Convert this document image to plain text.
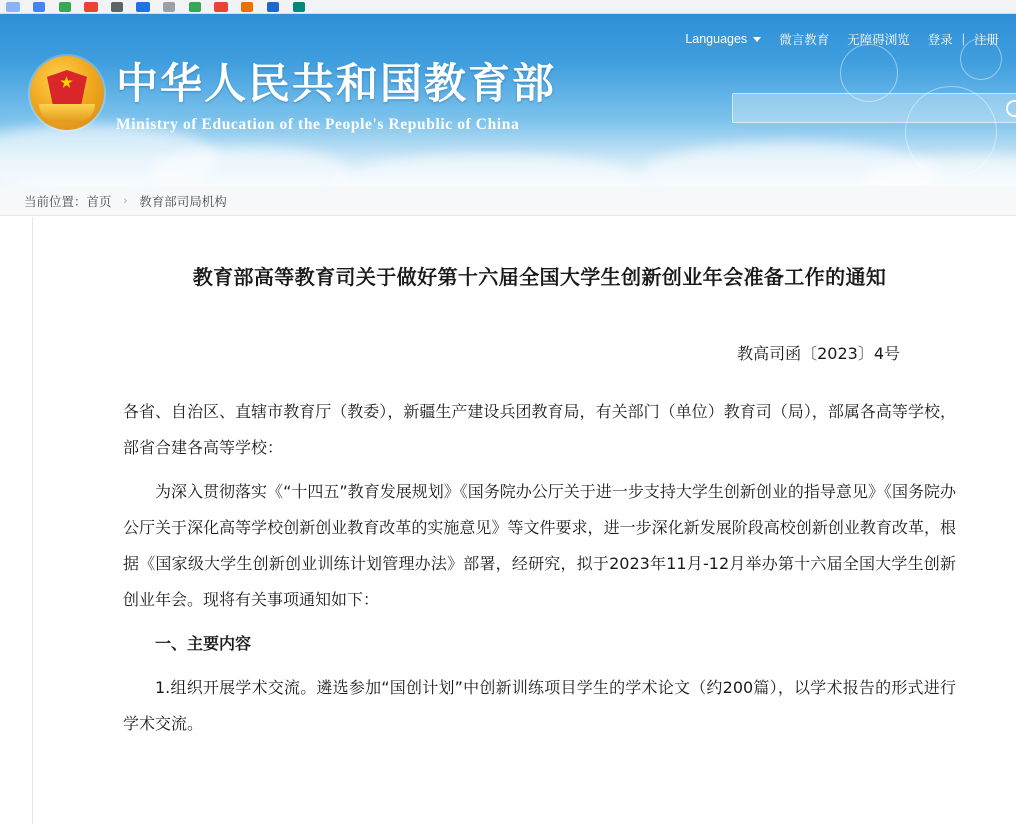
Languages	微言教育	无障碍浏览	登录 | 注册
中华人民共和国教育部
Ministry of Education of the People's Republic of China
当前位置： 首页 › 教育部司局机构
教育部高等教育司关于做好第十六届全国大学生创新创业年会准备工作的通知
教高司函〔2023〕4号

各省、自治区、直辖市教育厅（教委），新疆生产建设兵团教育局，有关部门（单位）教育司（局），部属各高等学校，部省合建各高等学校：

为深入贯彻落实《“十四五”教育发展规划》《国务院办公厅关于进一步支持大学生创新创业的指导意见》《国务院办公厅关于深化高等学校创新创业教育改革的实施意见》等文件要求，进一步深化新发展阶段高校创新创业教育改革，根据《国家级大学生创新创业训练计划管理办法》部署，经研究，拟于2023年11月-12月举办第十六届全国大学生创新创业年会。现将有关事项通知如下：

一、主要内容

1.组织开展学术交流。遴选参加“国创计划”中创新训练项目学生的学术论文（约200篇），以学术报告的形式进行学术交流。
